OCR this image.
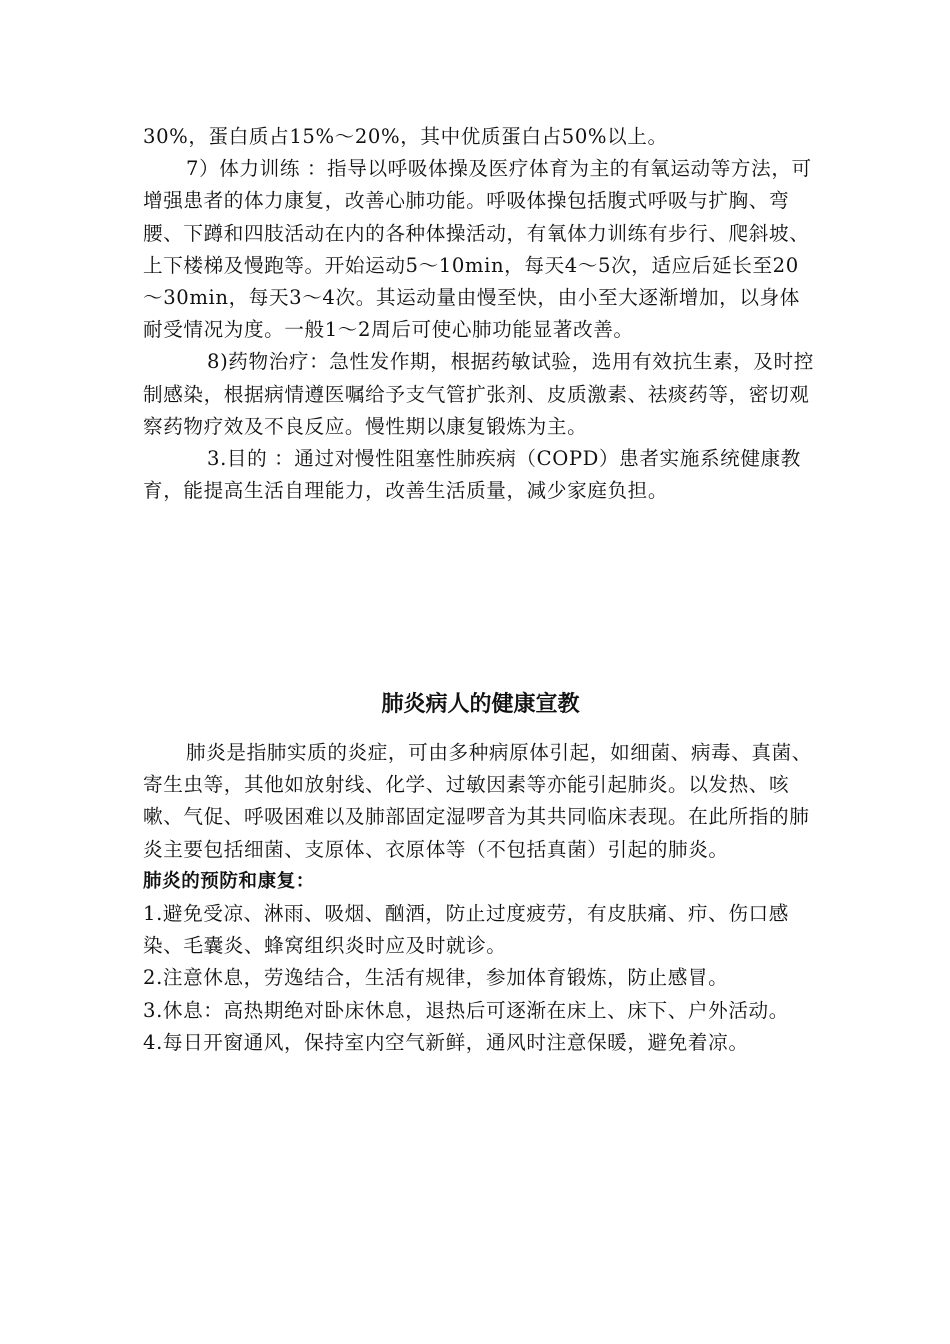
30%，蛋白质占15%～20%，其中优质蛋白占50%以上。

7）体力训练 ：指导以呼吸体操及医疗体育为主的有氧运动等方法，可增强患者的体力康复，改善心肺功能。呼吸体操包括腹式呼吸与扩胸、弯腰、下蹲和四肢活动在内的各种体操活动，有氧体力训练有步行、爬斜坡、上下楼梯及慢跑等。开始运动5～10min，每天4～5次，适应后延长至20～30min，每天3～4次。其运动量由慢至快，由小至大逐渐增加，以身体耐受情况为度。一般1～2周后可使心肺功能显著改善。

8)药物治疗：急性发作期，根据药敏试验，选用有效抗生素，及时控制感染，根据病情遵医嘱给予支气管扩张剂、皮质激素、祛痰药等，密切观察药物疗效及不良反应。慢性期以康复锻炼为主。

3.目的 ：通过对慢性阻塞性肺疾病（COPD）患者实施系统健康教育，能提高生活自理能力，改善生活质量，减少家庭负担。

肺炎病人的健康宣教

肺炎是指肺实质的炎症，可由多种病原体引起，如细菌、病毒、真菌、寄生虫等，其他如放射线、化学、过敏因素等亦能引起肺炎。以发热、咳嗽、气促、呼吸困难以及肺部固定湿啰音为其共同临床表现。在此所指的肺炎主要包括细菌、支原体、衣原体等（不包括真菌）引起的肺炎。

肺炎的预防和康复：

1.避免受凉、淋雨、吸烟、酗酒，防止过度疲劳，有皮肤痛、疖、伤口感染、毛囊炎、蜂窝组织炎时应及时就诊。

2.注意休息，劳逸结合，生活有规律，参加体育锻炼，防止感冒。

3.休息：高热期绝对卧床休息，退热后可逐渐在床上、床下、户外活动。

4.每日开窗通风，保持室内空气新鲜，通风时注意保暖，避免着凉。
